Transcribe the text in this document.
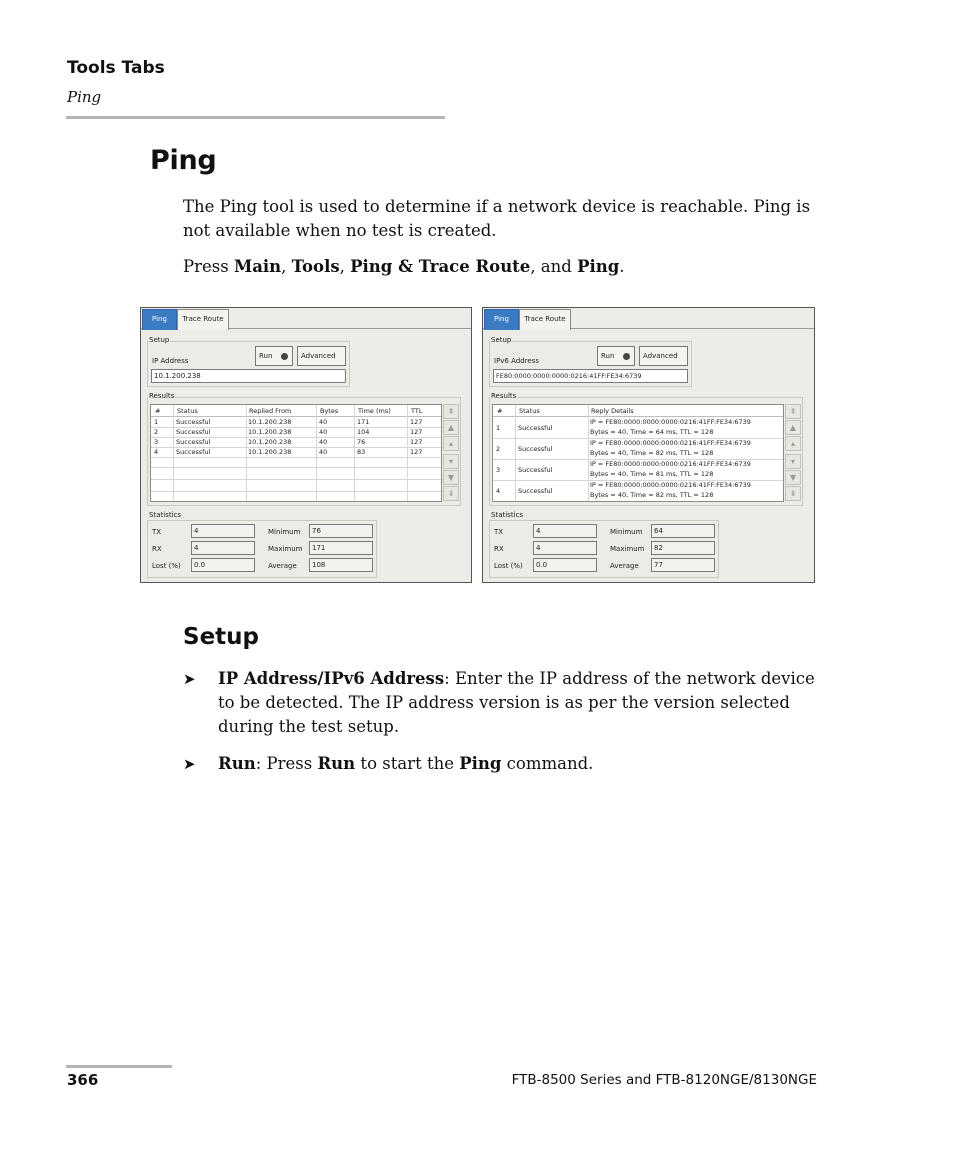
Tools Tabs
Ping
Ping

The Ping tool is used to determine if a network device is reachable. Ping is not available when no test is created.

Press Main, Tools, Ping & Trace Route, and Ping.

Ping	Trace Route
Setup
IP Address
Run	Advanced
10.1.200.238
Results
#	Status	Replied From	Bytes	Time (ms)	TTL
1	Successful	10.1.200.238	40	171	127
2	Successful	10.1.200.238	40	104	127
3	Successful	10.1.200.238	40	76	127
4	Successful	10.1.200.238	40	83	127
⇞
▲
▴
▾
▼
⇟
Statistics
TX	4
RX	4
Lost (%)	0.0
Minimum	76
Maximum	171
Average	108
Ping	Trace Route
Setup
IPv6 Address
Run	Advanced
FE80:0000:0000:0000:0216:41FF:FE34:6739
Results
#	Status	Reply Details
1	Successful
IP = FE80:0000:0000:0000:0216:41FF:FE34:6739
Bytes = 40, Time = 64 ms, TTL = 128
2	Successful
IP = FE80:0000:0000:0000:0216:41FF:FE34:6739
Bytes = 40, Time = 82 ms, TTL = 128
3	Successful
IP = FE80:0000:0000:0000:0216:41FF:FE34:6739
Bytes = 40, Time = 81 ms, TTL = 128
4	Successful
IP = FE80:0000:0000:0000:0216:41FF:FE34:6739
Bytes = 40, Time = 82 ms, TTL = 128
⇞
▲
▴
▾
▼
⇟
Statistics
TX	4
RX	4
Lost (%)	0.0
Minimum	64
Maximum	82
Average	77
Setup
➤ IP Address/IPv6 Address: Enter the IP address of the network device to be detected. The IP address version is as per the version selected during the test setup.
➤ Run: Press Run to start the Ping command.
366	FTB-8500 Series and FTB-8120NGE/8130NGE
